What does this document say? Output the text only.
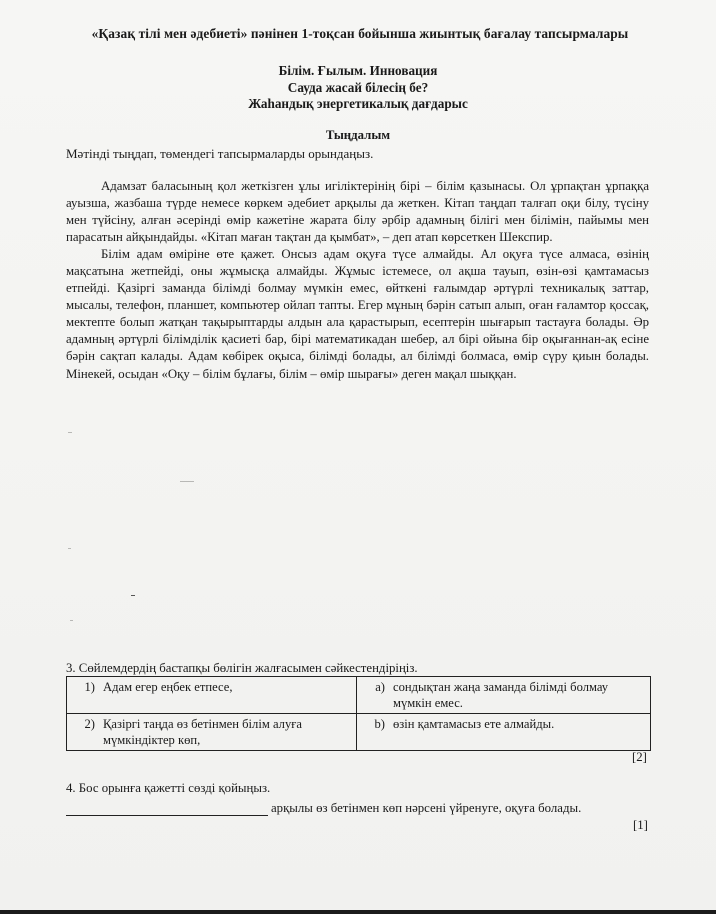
«Қазақ тілі мен әдебиеті» пәнінен 1-тоқсан бойынша жиынтық бағалау тапсырмалары
Білім. Ғылым. Инновация
Сауда жасай білесің бе?
Жаһандық энергетикалық дағдарыс
Тыңдалым
Мәтінді тыңдап, төмендегі тапсырмаларды орындаңыз.

Адамзат баласының қол жеткізген ұлы игіліктерінің бірі – білім қазынасы. Ол ұрпақтан ұрпаққа ауызша, жазбаша түрде немесе көркем әдебиет арқылы да жеткен. Кітап таңдап талғап оқи білу, түсіну мен түйсіну, алған әсерінді өмір кажетіне жарата білу әрбір адамның білігі мен білімін, пайымы мен парасатын айқындайды. «Кітап маған тақтан да қымбат», – деп атап көрсеткен Шекспир.

Білім адам өміріне өте қажет. Онсыз адам оқуға түсе алмайды. Ал оқуға түсе алмаса, өзінің мақсатына жетпейді, оны жұмысқа алмайды. Жұмыс істемесе, ол ақша тауып, өзін-өзі қамтамасыз етпейді. Қазіргі заманда білімді болмау мүмкін емес, өйткені ғалымдар әртүрлі техникалық заттар, мысалы, телефон, планшет, компьютер ойлап тапты. Егер мұның бәрін сатып алып, оған ғаламтор қоссақ, мектепте болып жатқан тақырыптарды алдын ала қарастырып, есептерін шығарып тастауға болады. Әр адамның әртүрлі білімділік қасиеті бар, бірі математикадан шебер, ал бірі ойына бір оқығаннан-ақ есіне бәрін сақтап калады. Адам көбірек оқыса, білімді болады, ал білімді болмаса, өмір сүру қиын болады. Мінекей, осыдан «Оқу – білім бұлағы, білім – өмір шырағы» деген мақал шыққан.

3. Сөйлемдердің бастапқы бөлігін жалғасымен сәйкестендіріңіз.
1) Адам егер еңбек етпесе,	a) сондықтан жаңа заманда білімді болмау мүмкін емес.

2) Қазіргі таңда өз бетінмен білім алуға мүмкіндіктер көп,	b) өзін қамтамасыз ете алмайды.
[2]
4. Бос орынға қажетті сөзді қойыңыз.
арқылы өз бетінмен көп нәрсені үйренуге, оқуға болады.
[1]
